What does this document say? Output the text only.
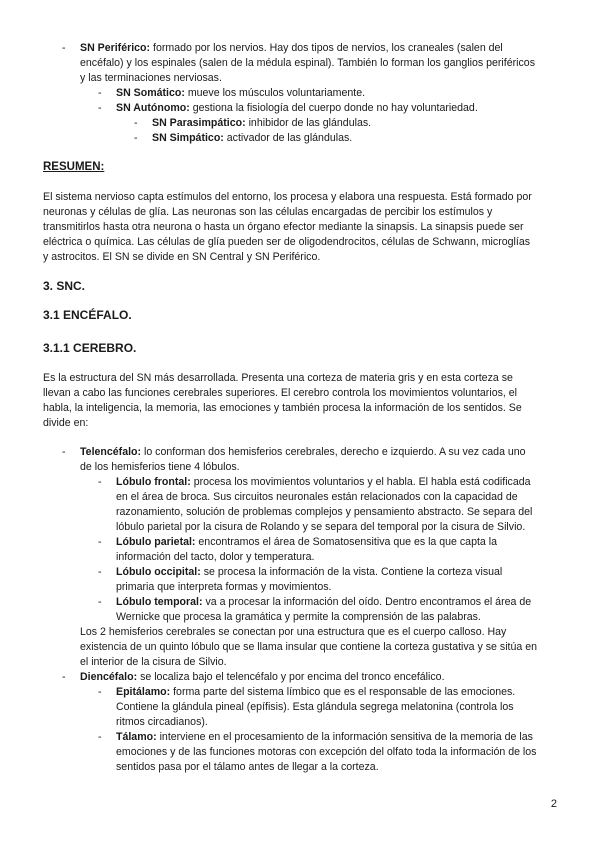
- SN Periférico: formado por los nervios. Hay dos tipos de nervios, los craneales (salen del
encéfalo) y los espinales (salen de la médula espinal). También lo forman los ganglios periféricos
y las terminaciones nerviosas.
- SN Somático: mueve los músculos voluntariamente.
- SN Autónomo: gestiona la fisiología del cuerpo donde no hay voluntariedad.
- SN Parasimpático: inhibidor de las glándulas.
- SN Simpático: activador de las glándulas.
RESUMEN:
El sistema nervioso capta estímulos del entorno, los procesa y elabora una respuesta. Está formado por
neuronas y células de glía. Las neuronas son las células encargadas de percibir los estímulos y
transmitirlos hasta otra neurona o hasta un órgano efector mediante la sinapsis. La sinapsis puede ser
eléctrica o química. Las células de glía pueden ser de oligodendrocitos, células de Schwann, microglías
y astrocitos. El SN se divide en SN Central y SN Periférico.
3. SNC.
3.1 ENCÉFALO.
3.1.1 CEREBRO.
Es la estructura del SN más desarrollada. Presenta una corteza de materia gris y en esta corteza se
llevan a cabo las funciones cerebrales superiores. El cerebro controla los movimientos voluntarios, el
habla, la inteligencia, la memoria, las emociones y también procesa la información de los sentidos. Se
divide en:
- Telencéfalo: lo conforman dos hemisferios cerebrales, derecho e izquierdo. A su vez cada uno
de los hemisferios tiene 4 lóbulos.
- Lóbulo frontal: procesa los movimientos voluntarios y el habla. El habla está codificada
en el área de broca. Sus circuitos neuronales están relacionados con la capacidad de
razonamiento, solución de problemas complejos y pensamiento abstracto. Se separa del
lóbulo parietal por la cisura de Rolando y se separa del temporal por la cisura de Silvio.
- Lóbulo parietal: encontramos el área de Somatosensitiva que es la que capta la
información del tacto, dolor y temperatura.
- Lóbulo occipital: se procesa la información de la vista. Contiene la corteza visual
primaria que interpreta formas y movimientos.
- Lóbulo temporal: va a procesar la información del oído. Dentro encontramos el área de
Wernicke que procesa la gramática y permite la comprensión de las palabras.
Los 2 hemisferios cerebrales se conectan por una estructura que es el cuerpo calloso. Hay
existencia de un quinto lóbulo que se llama insular que contiene la corteza gustativa y se sitúa en
el interior de la cisura de Silvio.
- Diencéfalo: se localiza bajo el telencéfalo y por encima del tronco encefálico.
- Epitálamo: forma parte del sistema límbico que es el responsable de las emociones.
Contiene la glándula pineal (epífisis). Esta glándula segrega melatonina (controla los
ritmos circadianos).
- Tálamo: interviene en el procesamiento de la información sensitiva de la memoria de las
emociones y de las funciones motoras con excepción del olfato toda la información de los
sentidos pasa por el tálamo antes de llegar a la corteza.
2
